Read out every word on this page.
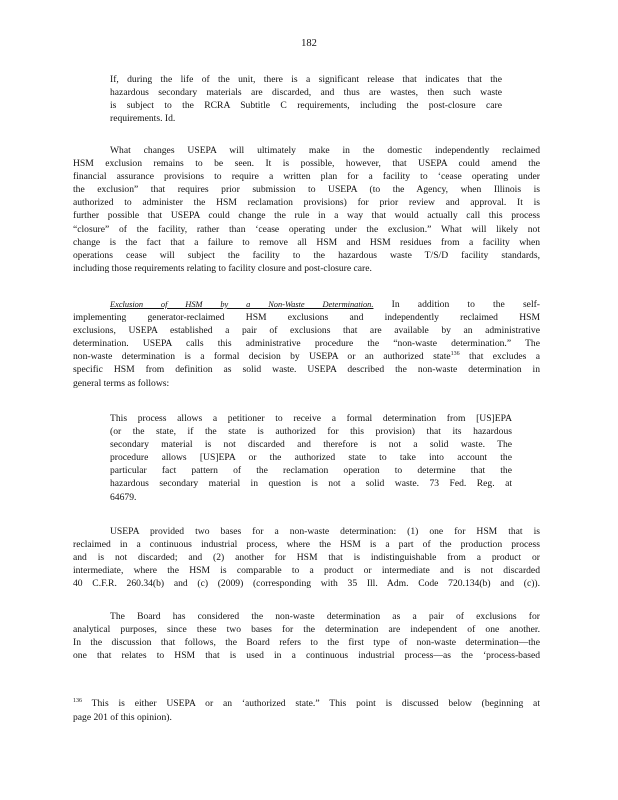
182
If, during the life of the unit, there is a significant release that indicates that the
hazardous secondary materials are discarded, and thus are wastes, then such waste
is subject to the RCRA Subtitle C requirements, including the post-closure care
requirements. Id.
What changes USEPA will ultimately make in the domestic independently reclaimed
HSM exclusion remains to be seen. It is possible, however, that USEPA could amend the
financial assurance provisions to require a written plan for a facility to ‘cease operating under
the exclusion” that requires prior submission to USEPA (to the Agency, when Illinois is
authorized to administer the HSM reclamation provisions) for prior review and approval. It is
further possible that USEPA could change the rule in a way that would actually call this process
“closure” of the facility, rather than ‘cease operating under the exclusion.” What will likely not
change is the fact that a failure to remove all HSM and HSM residues from a facility when
operations cease will subject the facility to the hazardous waste T/S/D facility standards,
including those requirements relating to facility closure and post-closure care.
Exclusion of HSM by a Non-Waste Determination. In addition to the self-
implementing generator-reclaimed HSM exclusions and independently reclaimed HSM
exclusions, USEPA established a pair of exclusions that are available by an administrative
determination. USEPA calls this administrative procedure the “non-waste determination.” The
non-waste determination is a formal decision by USEPA or an authorized state$^{136}$ that excludes a
specific HSM from definition as solid waste. USEPA described the non-waste determination in
general terms as follows:
This process allows a petitioner to receive a formal determination from [US]EPA
(or the state, if the state is authorized for this provision) that its hazardous
secondary material is not discarded and therefore is not a solid waste. The
procedure allows [US]EPA or the authorized state to take into account the
particular fact pattern of the reclamation operation to determine that the
hazardous secondary material in question is not a solid waste. 73 Fed. Reg. at
64679.
USEPA provided two bases for a non-waste determination: (1) one for HSM that is
reclaimed in a continuous industrial process, where the HSM is a part of the production process
and is not discarded; and (2) another for HSM that is indistinguishable from a product or
intermediate, where the HSM is comparable to a product or intermediate and is not discarded
40 C.F.R. 260.34(b) and (c) (2009) (corresponding with 35 Ill. Adm. Code 720.134(b) and (c)).
The Board has considered the non-waste determination as a pair of exclusions for
analytical purposes, since these two bases for the determination are independent of one another.
In the discussion that follows, the Board refers to the first type of non-waste determination—the
one that relates to HSM that is used in a continuous industrial process—as the ‘process-based
$^{136}$ This is either USEPA or an ‘authorized state.” This point is discussed below (beginning at
page 201 of this opinion).
